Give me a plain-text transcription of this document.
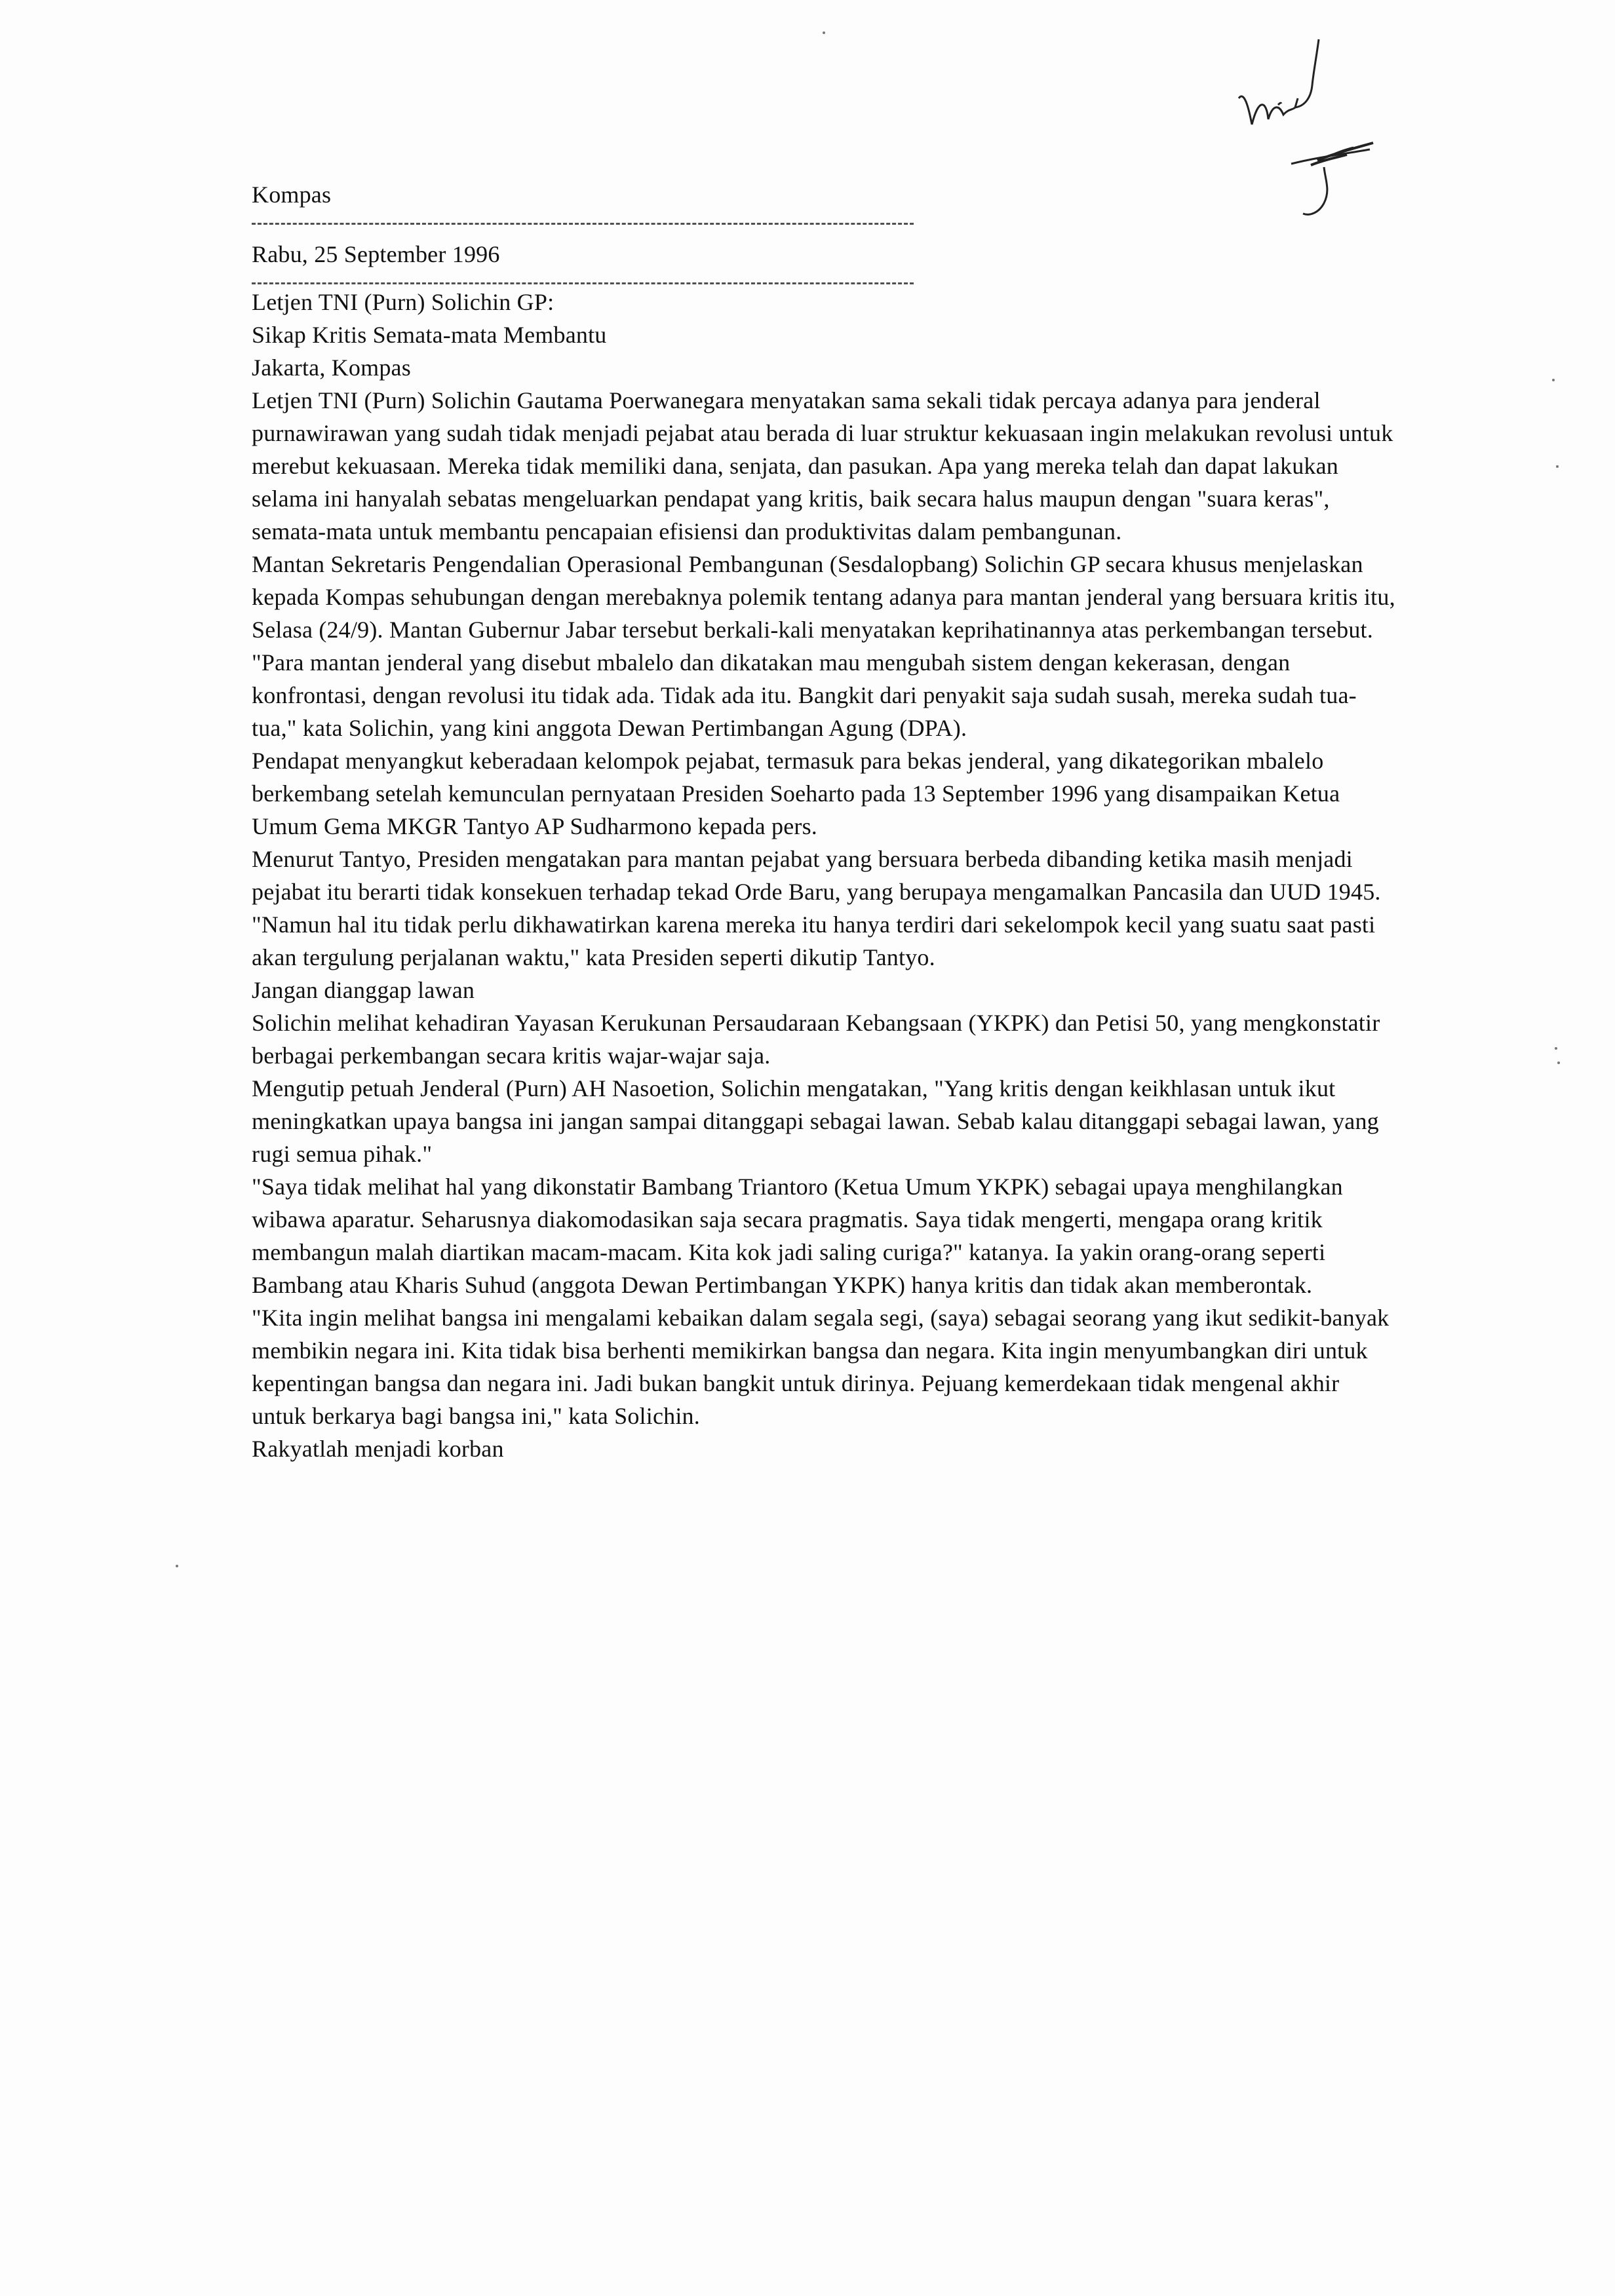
Kompas

Rabu, 25 September 1996

Letjen TNI (Purn) Solichin GP:

Sikap Kritis Semata-mata Membantu

Jakarta, Kompas

Letjen TNI (Purn) Solichin Gautama Poerwanegara menyatakan sama sekali tidak percaya adanya para jenderal purnawirawan yang sudah tidak menjadi pejabat atau berada di luar struktur kekuasaan ingin melakukan revolusi untuk merebut kekuasaan. Mereka tidak memiliki dana, senjata, dan pasukan. Apa yang mereka telah dan dapat lakukan selama ini hanyalah sebatas mengeluarkan pendapat yang kritis, baik secara halus maupun dengan "suara keras", semata-mata untuk membantu pencapaian efisiensi dan produktivitas dalam pembangunan.

Mantan Sekretaris Pengendalian Operasional Pembangunan (Sesdalopbang) Solichin GP secara khusus menjelaskan kepada Kompas sehubungan dengan merebaknya polemik tentang adanya para mantan jenderal yang bersuara kritis itu, Selasa (24/9). Mantan Gubernur Jabar tersebut berkali-kali menyatakan keprihatinannya atas perkembangan tersebut.

"Para mantan jenderal yang disebut mbalelo dan dikatakan mau mengubah sistem dengan kekerasan, dengan konfrontasi, dengan revolusi itu tidak ada. Tidak ada itu. Bangkit dari penyakit saja sudah susah, mereka sudah tua-tua," kata Solichin, yang kini anggota Dewan Pertimbangan Agung (DPA).

Pendapat menyangkut keberadaan kelompok pejabat, termasuk para bekas jenderal, yang dikategorikan mbalelo berkembang setelah kemunculan pernyataan Presiden Soeharto pada 13 September 1996 yang disampaikan Ketua Umum Gema MKGR Tantyo AP Sudharmono kepada pers.

Menurut Tantyo, Presiden mengatakan para mantan pejabat yang bersuara berbeda dibanding ketika masih menjadi pejabat itu berarti tidak konsekuen terhadap tekad Orde Baru, yang berupaya mengamalkan Pancasila dan UUD 1945. "Namun hal itu tidak perlu dikhawatirkan karena mereka itu hanya terdiri dari sekelompok kecil yang suatu saat pasti akan tergulung perjalanan waktu," kata Presiden seperti dikutip Tantyo.

Jangan dianggap lawan

Solichin melihat kehadiran Yayasan Kerukunan Persaudaraan Kebangsaan (YKPK) dan Petisi 50, yang mengkonstatir berbagai perkembangan secara kritis wajar-wajar saja.

Mengutip petuah Jenderal (Purn) AH Nasoetion, Solichin mengatakan, "Yang kritis dengan keikhlasan untuk ikut meningkatkan upaya bangsa ini jangan sampai ditanggapi sebagai lawan. Sebab kalau ditanggapi sebagai lawan, yang rugi semua pihak."

"Saya tidak melihat hal yang dikonstatir Bambang Triantoro (Ketua Umum YKPK) sebagai upaya menghilangkan wibawa aparatur. Seharusnya diakomodasikan saja secara pragmatis. Saya tidak mengerti, mengapa orang kritik membangun malah diartikan macam-macam. Kita kok jadi saling curiga?" katanya. Ia yakin orang-orang seperti Bambang atau Kharis Suhud (anggota Dewan Pertimbangan YKPK) hanya kritis dan tidak akan memberontak.

"Kita ingin melihat bangsa ini mengalami kebaikan dalam segala segi, (saya) sebagai seorang yang ikut sedikit-banyak membikin negara ini. Kita tidak bisa berhenti memikirkan bangsa dan negara. Kita ingin menyumbangkan diri untuk kepentingan bangsa dan negara ini. Jadi bukan bangkit untuk dirinya. Pejuang kemerdekaan tidak mengenal akhir untuk berkarya bagi bangsa ini," kata Solichin.

Rakyatlah menjadi korban
